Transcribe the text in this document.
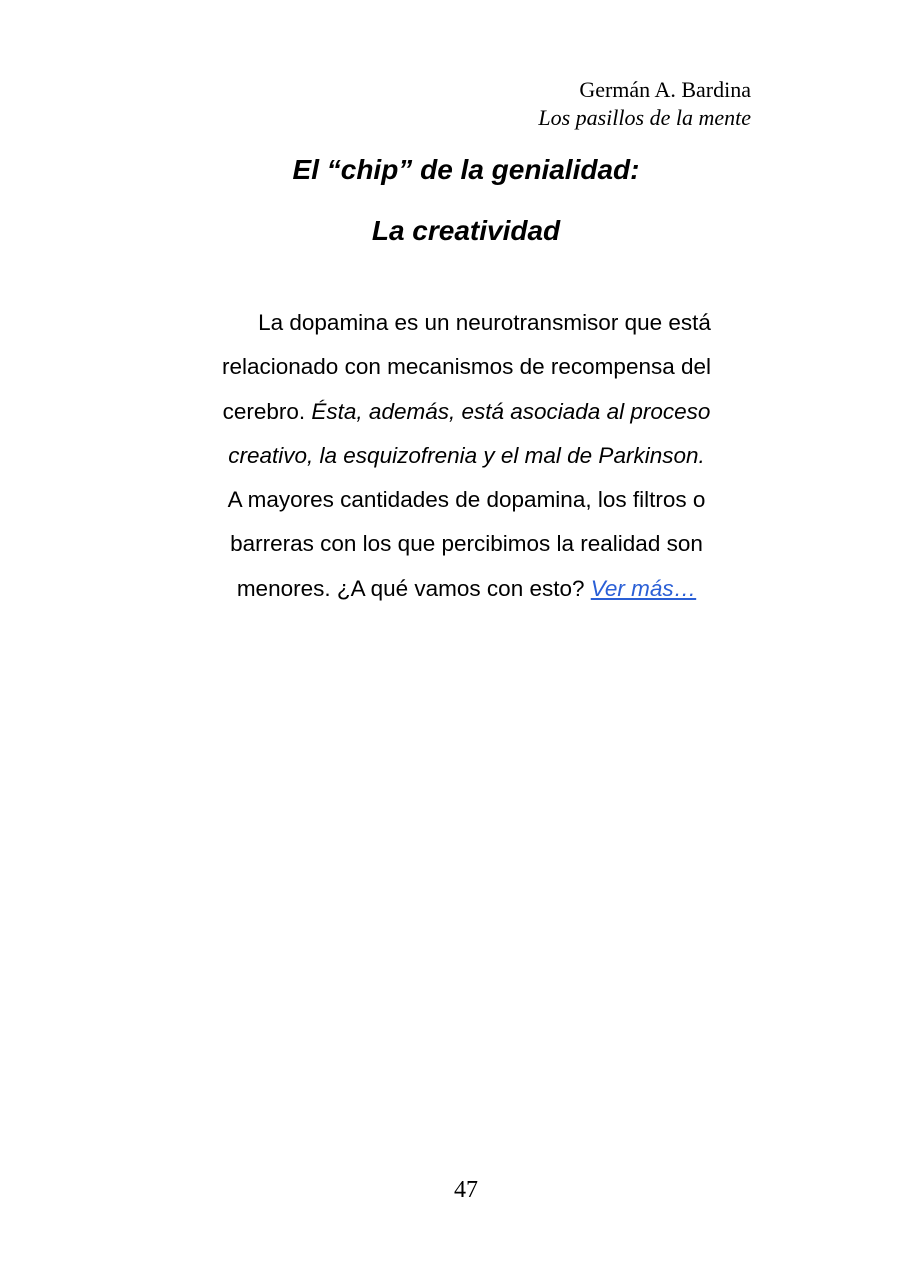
Germán A. Bardina
Los pasillos de la mente
El “chip” de la genialidad:
La creatividad
La dopamina es un neurotransmisor que está
relacionado con mecanismos de recompensa del
cerebro. Ésta, además, está asociada al proceso
creativo, la esquizofrenia y el mal de Parkinson.
A mayores cantidades de dopamina, los filtros o
barreras con los que percibimos la realidad son
menores. ¿A qué vamos con esto? Ver más…
47
